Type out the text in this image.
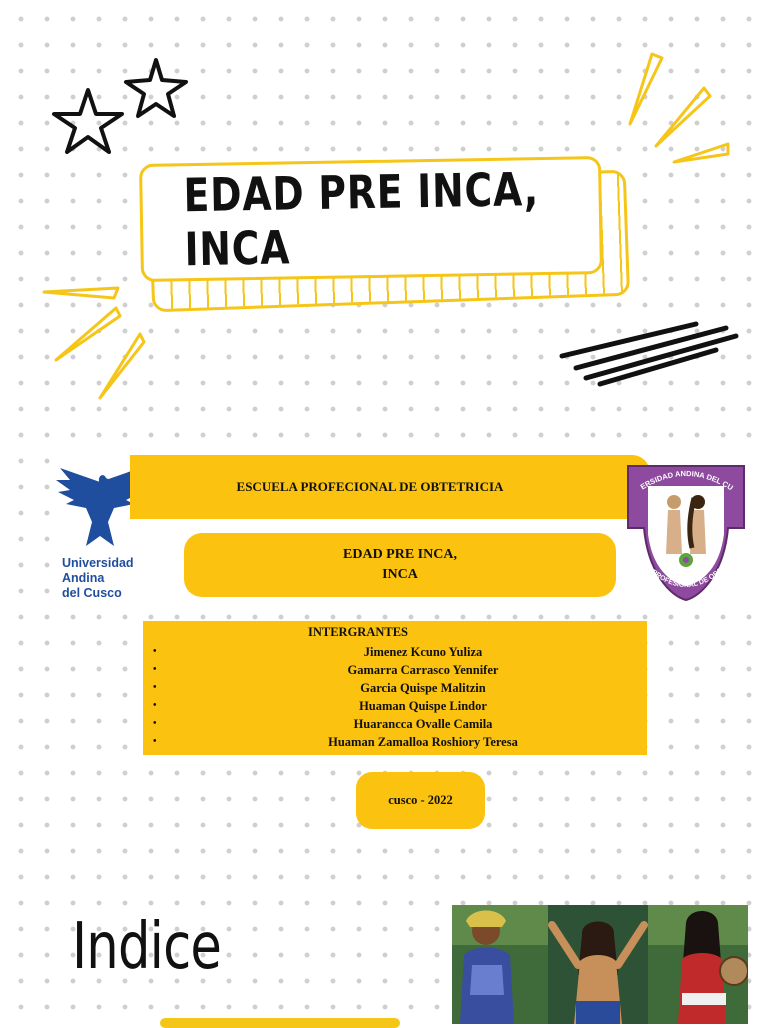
EDAD PRE INCA, INCA
Universidad
Andina
del Cusco
ESCUELA PROFECIONAL DE OBTETRICIA	ERSIDAD ANDINA DEL CU
LA PROFESIONAL DE OBSTE
EDAD PRE INCA,
INCA
INTERGRANTES
•	Jimenez Kcuno Yuliza
•	Gamarra Carrasco Yennifer
•	Garcia Quispe Malitzin
•	Huaman Quispe Lindor
•	Huarancca Ovalle Camila
•	Huaman Zamalloa Roshiory Teresa
cusco - 2022
Indice
